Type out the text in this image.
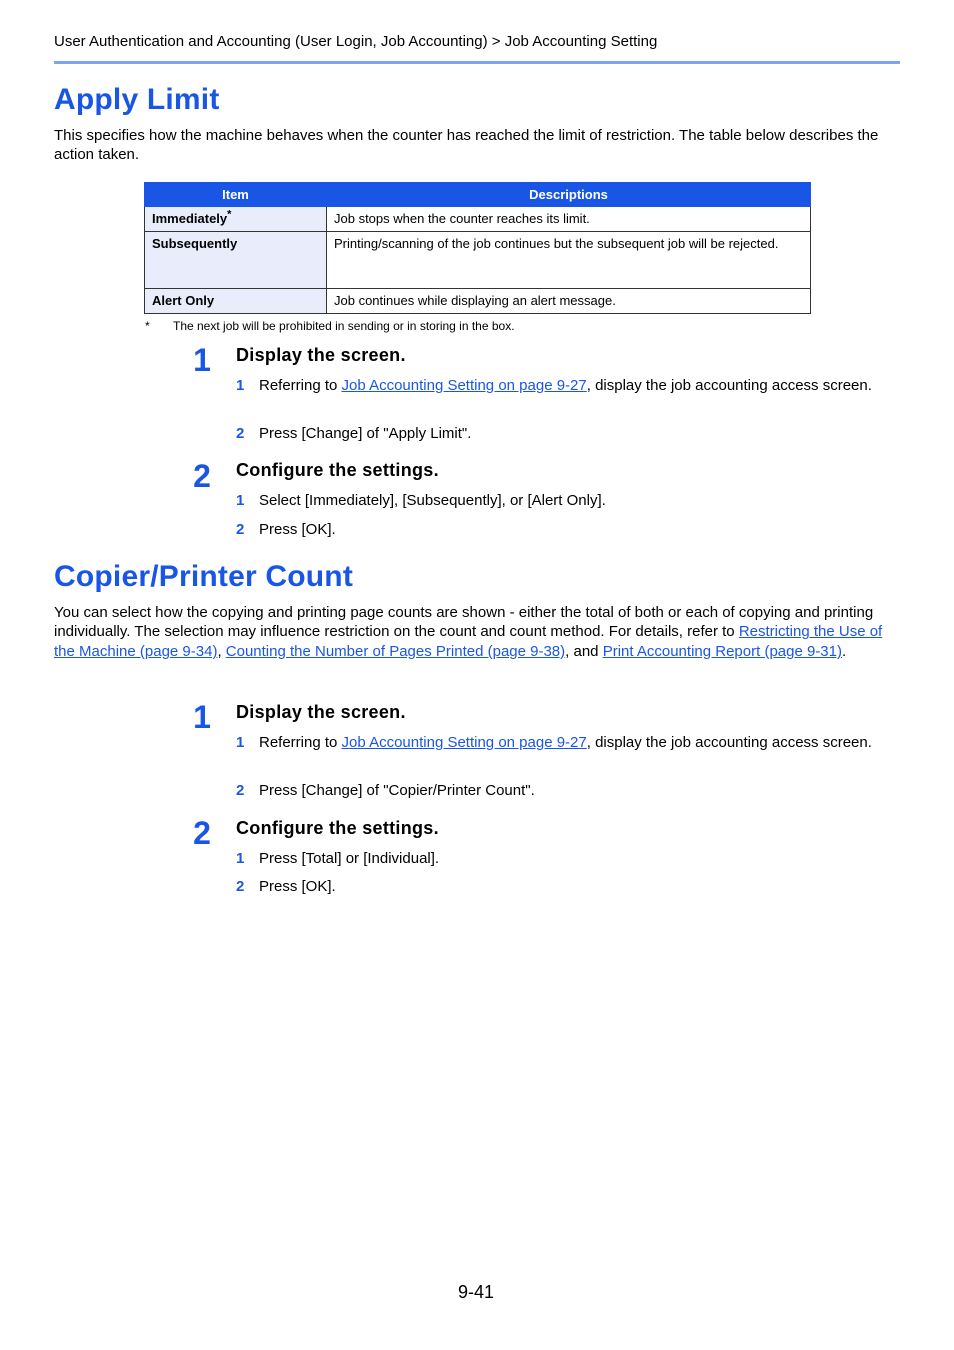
User Authentication and Accounting (User Login, Job Accounting) > Job Accounting Setting
Apply Limit
This specifies how the machine behaves when the counter has reached the limit of restriction. The table below describes the action taken.
Item	Descriptions
Immediately*	Job stops when the counter reaches its limit.
Subsequently	Printing/scanning of the job continues but the subsequent job will be rejected.
Alert Only	Job continues while displaying an alert message.
* The next job will be prohibited in sending or in storing in the box.
1 Display the screen.
1 Referring to Job Accounting Setting on page 9-27, display the job accounting access screen.
2 Press [Change] of "Apply Limit".
2 Configure the settings.
1 Select [Immediately], [Subsequently], or [Alert Only].
2 Press [OK].
Copier/Printer Count
You can select how the copying and printing page counts are shown - either the total of both or each of copying and printing individually. The selection may influence restriction on the count and count method. For details, refer to Restricting the Use of the Machine (page 9-34), Counting the Number of Pages Printed (page 9-38), and Print Accounting Report (page 9-31).
1 Display the screen.
1 Referring to Job Accounting Setting on page 9-27, display the job accounting access screen.
2 Press [Change] of "Copier/Printer Count".
2 Configure the settings.
1 Press [Total] or [Individual].
2 Press [OK].
9-41
